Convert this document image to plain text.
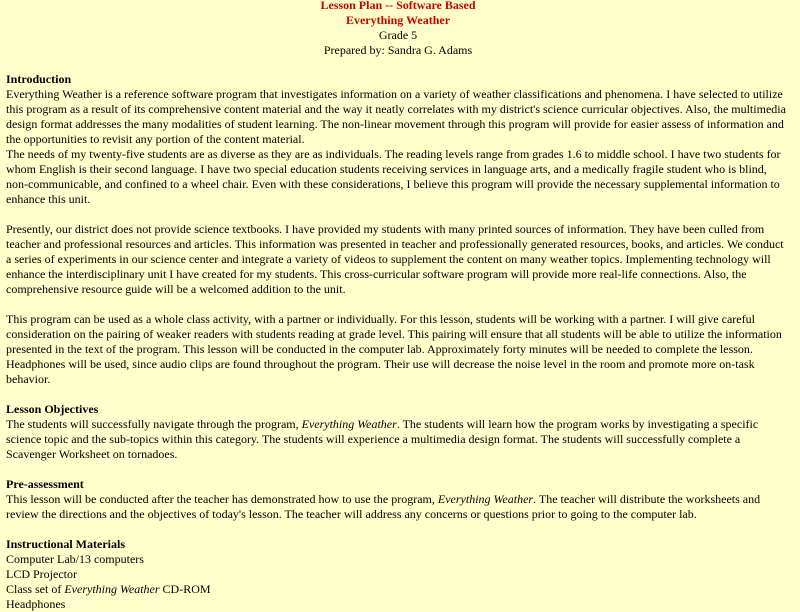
Lesson Plan -- Software Based
Everything Weather
Grade 5
Prepared by: Sandra G. Adams
Introduction

Everything Weather is a reference software program that investigates information on a variety of weather classifications and phenomena. I have selected to utilize this program as a result of its comprehensive content material and the way it neatly correlates with my district's science curricular objectives. Also, the multimedia design format addresses the many modalities of student learning. The non-linear movement through this program will provide for easier assess of information and the opportunities to revisit any portion of the content material.

The needs of my twenty-five students are as diverse as they are as individuals. The reading levels range from grades 1.6 to middle school. I have two students for whom English is their second language. I have two special education students receiving services in language arts, and a medically fragile student who is blind, non-communicable, and confined to a wheel chair. Even with these considerations, I believe this program will provide the necessary supplemental information to enhance this unit.

Presently, our district does not provide science textbooks. I have provided my students with many printed sources of information. They have been culled from teacher and professional resources and articles. This information was presented in teacher and professionally generated resources, books, and articles. We conduct a series of experiments in our science center and integrate a variety of videos to supplement the content on many weather topics. Implementing technology will enhance the interdisciplinary unit I have created for my students. This cross-curricular software program will provide more real-life connections. Also, the comprehensive resource guide will be a welcomed addition to the unit.

This program can be used as a whole class activity, with a partner or individually. For this lesson, students will be working with a partner. I will give careful consideration on the pairing of weaker readers with students reading at grade level. This pairing will ensure that all students will be able to utilize the information presented in the text of the program. This lesson will be conducted in the computer lab. Approximately forty minutes will be needed to complete the lesson. Headphones will be used, since audio clips are found throughout the program. Their use will decrease the noise level in the room and promote more on-task behavior.

Lesson Objectives

The students will successfully navigate through the program, Everything Weather. The students will learn how the program works by investigating a specific science topic and the sub-topics within this category. The students will experience a multimedia design format. The students will successfully complete a Scavenger Worksheet on tornadoes.

Pre-assessment

This lesson will be conducted after the teacher has demonstrated how to use the program, Everything Weather. The teacher will distribute the worksheets and review the directions and the objectives of today's lesson. The teacher will address any concerns or questions prior to going to the computer lab.

Instructional Materials
Computer Lab/13 computers
LCD Projector
Class set of Everything Weather CD-ROM
Headphones
